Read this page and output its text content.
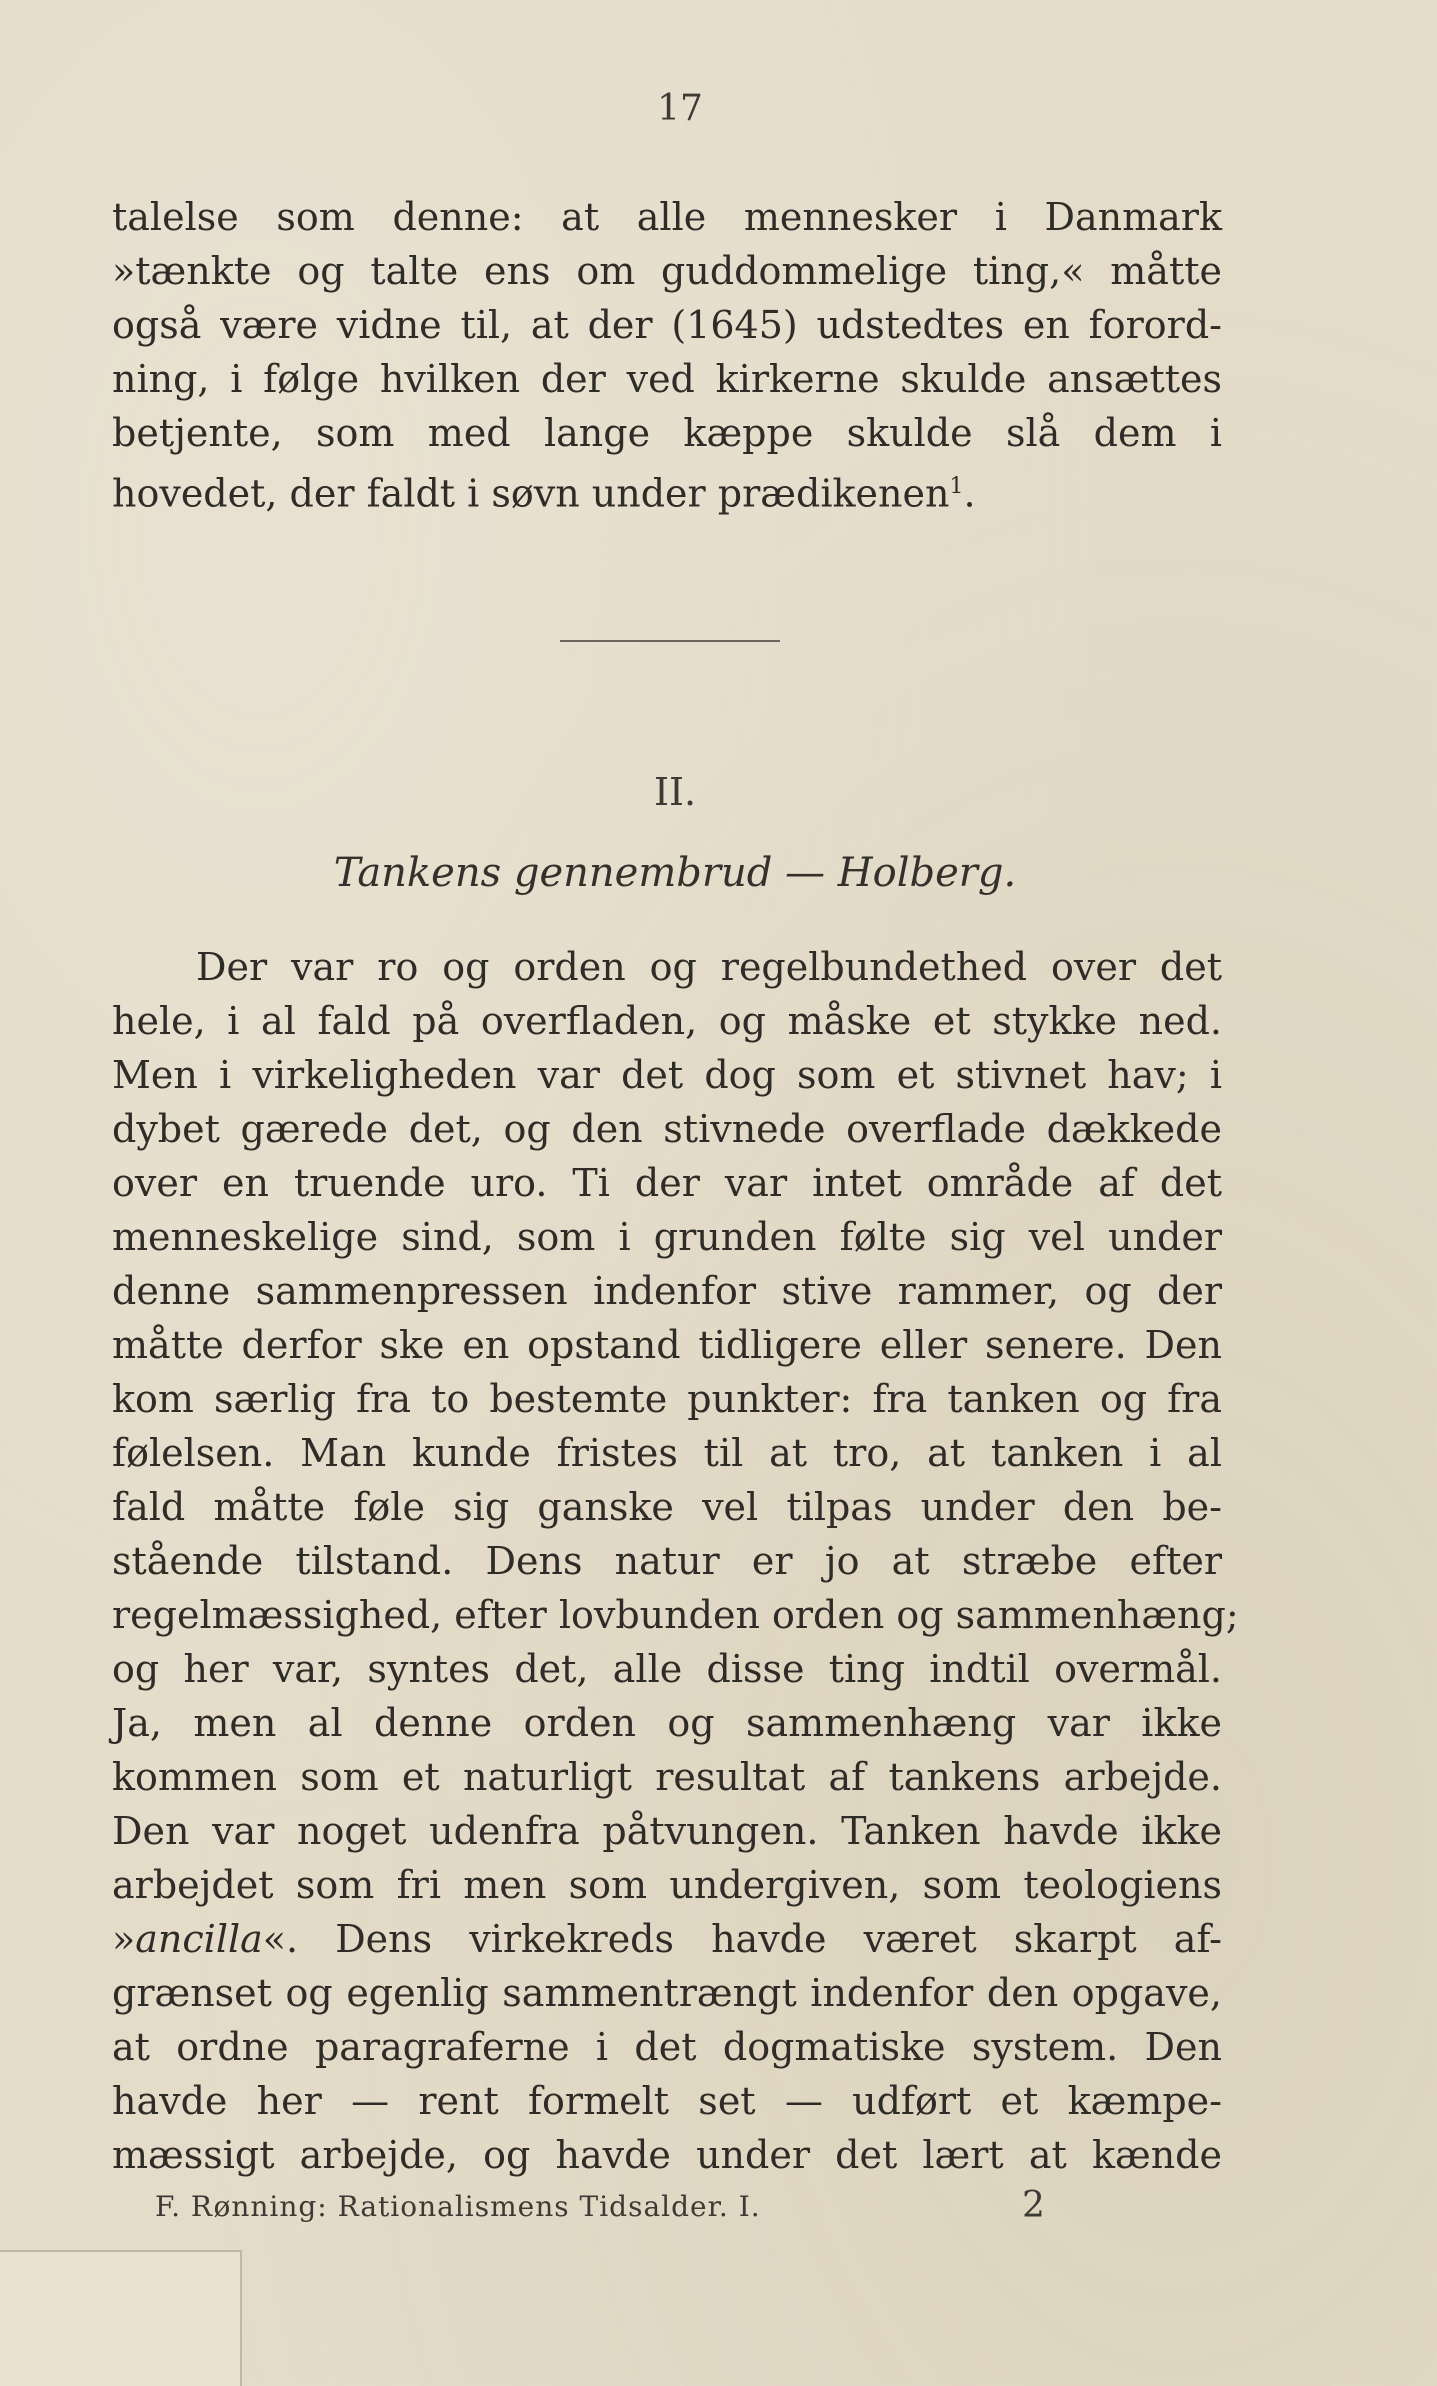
17
talelse som denne: at alle mennesker i Danmark
»tænkte og talte ens om guddommelige ting,« måtte
også være vidne til, at der (1645) udstedtes en forord-
ning, i følge hvilken der ved kirkerne skulde ansættes
betjente, som med lange kæppe skulde slå dem i
hovedet, der faldt i søvn under prædikenen$^1$.
II.
Tankens gennembrud — Holberg.
Der var ro og orden og regelbundethed over det
hele, i al fald på overfladen, og måske et stykke ned.
Men i virkeligheden var det dog som et stivnet hav; i
dybet gærede det, og den stivnede overflade dækkede
over en truende uro. Ti der var intet område af det
menneskelige sind, som i grunden følte sig vel under
denne sammenpressen indenfor stive rammer, og der
måtte derfor ske en opstand tidligere eller senere. Den
kom særlig fra to bestemte punkter: fra tanken og fra
følelsen. Man kunde fristes til at tro, at tanken i al
fald måtte føle sig ganske vel tilpas under den be-
stående tilstand. Dens natur er jo at stræbe efter
regelmæssighed, efter lovbunden orden og sammenhæng;
og her var, syntes det, alle disse ting indtil overmål.
Ja, men al denne orden og sammenhæng var ikke
kommen som et naturligt resultat af tankens arbejde.
Den var noget udenfra påtvungen. Tanken havde ikke
arbejdet som fri men som undergiven, som teologiens
»ancilla«. Dens virkekreds havde været skarpt af-
grænset og egenlig sammentrængt indenfor den opgave,
at ordne paragraferne i det dogmatiske system. Den
havde her — rent formelt set — udført et kæmpe-
mæssigt arbejde, og havde under det lært at kænde
F. Rønning: Rationalismens Tidsalder. I.	2
